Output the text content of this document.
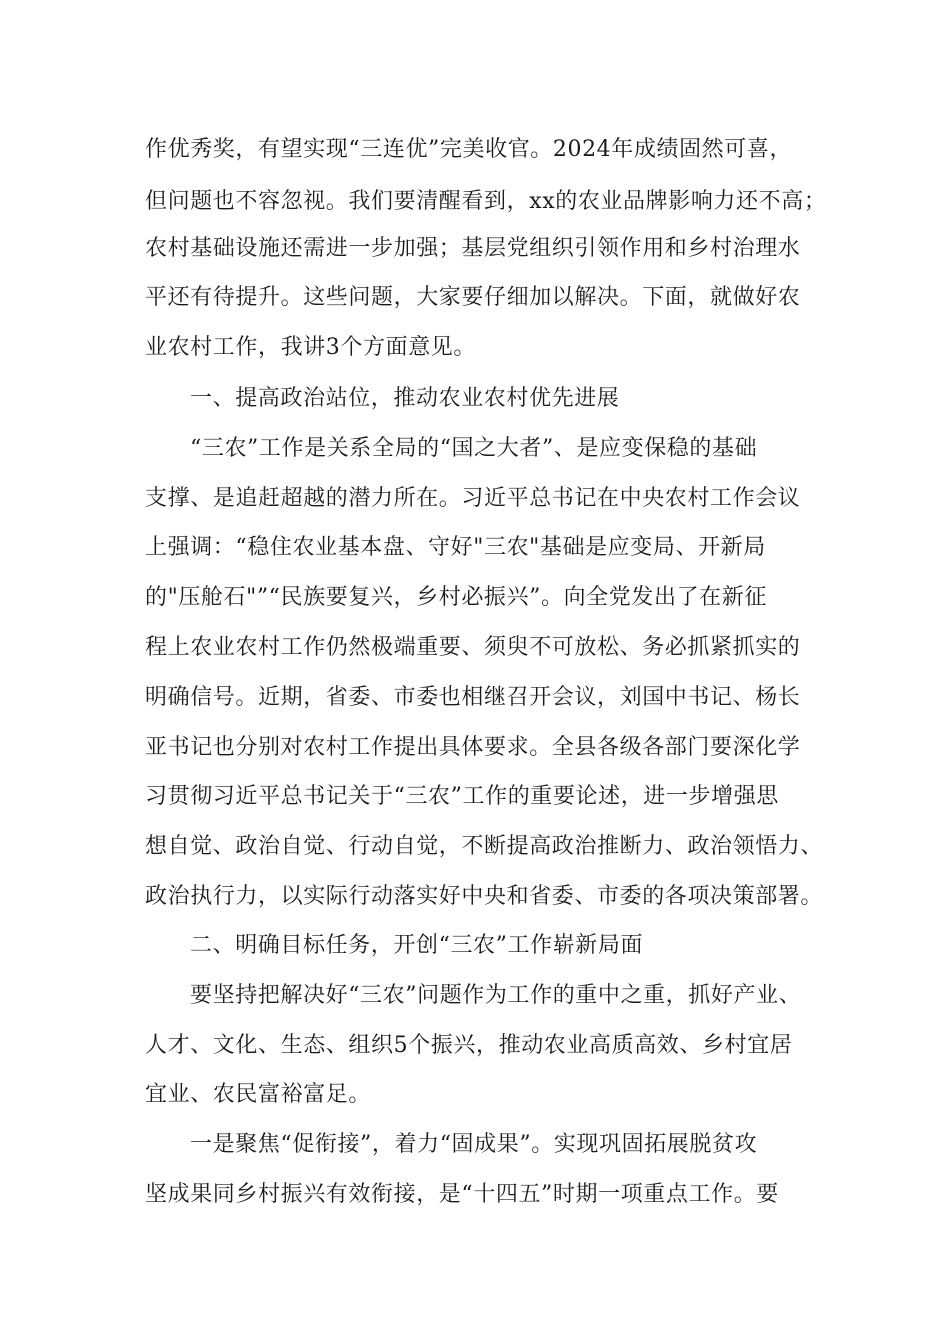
作优秀奖，有望实现“三连优”完美收官。2024年成绩固然可喜，
但问题也不容忽视。我们要清醒看到，xx的农业品牌影响力还不高；
农村基础设施还需进一步加强；基层党组织引领作用和乡村治理水
平还有待提升。这些问题，大家要仔细加以解决。下面，就做好农
业农村工作，我讲3个方面意见。
一、提高政治站位，推动农业农村优先进展
“三农”工作是关系全局的“国之大者”、是应变保稳的基础
支撑、是追赶超越的潜力所在。习近平总书记在中央农村工作会议
上强调：“稳住农业基本盘、守好"三农"基础是应变局、开新局
的"压舱石"”“民族要复兴，乡村必振兴”。向全党发出了在新征
程上农业农村工作仍然极端重要、须臾不可放松、务必抓紧抓实的
明确信号。近期，省委、市委也相继召开会议，刘国中书记、杨长
亚书记也分别对农村工作提出具体要求。全县各级各部门要深化学
习贯彻习近平总书记关于“三农”工作的重要论述，进一步增强思
想自觉、政治自觉、行动自觉，不断提高政治推断力、政治领悟力、
政治执行力，以实际行动落实好中央和省委、市委的各项决策部署。
二、明确目标任务，开创“三农”工作崭新局面
要坚持把解决好“三农”问题作为工作的重中之重，抓好产业、
人才、文化、生态、组织5个振兴，推动农业高质高效、乡村宜居
宜业、农民富裕富足。
一是聚焦“促衔接”，着力“固成果”。实现巩固拓展脱贫攻
坚成果同乡村振兴有效衔接，是“十四五”时期一项重点工作。要
